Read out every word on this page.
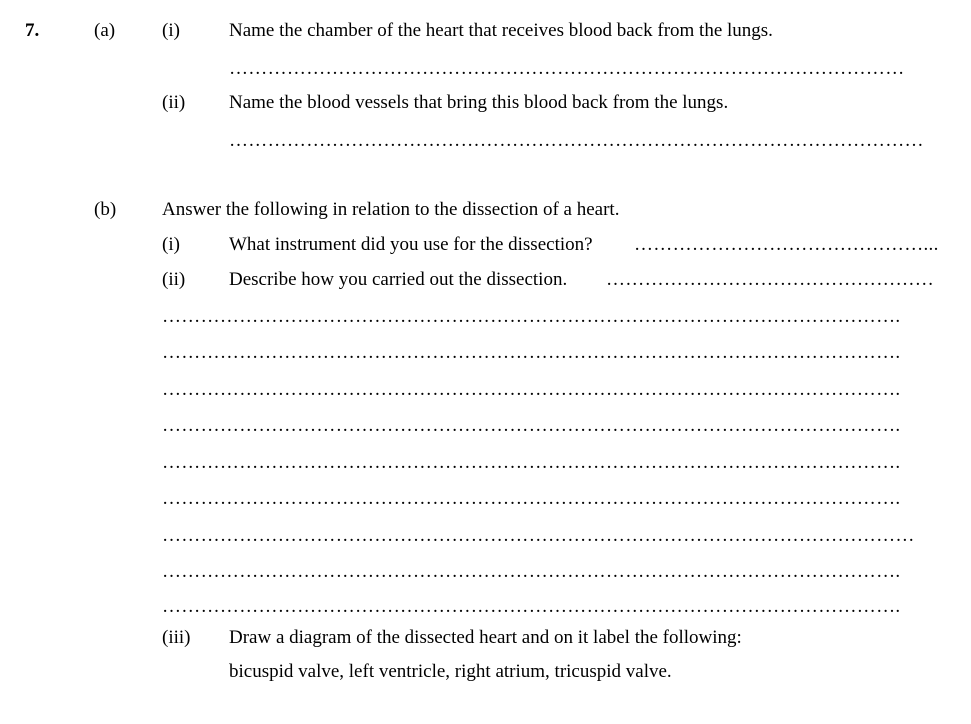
7.	(a) (i)	Name the chamber of the heart that receives blood back from the lungs.
……………………………………………………………………………………………
(ii) Name the blood vessels that bring this blood back from the lungs.
………………………………………………………………………………………………
(b) Answer the following in relation to the dissection of a heart.
(i)	What instrument did you use for the dissection? ………………………………………...
(ii) Describe how you carried out the dissection. ……………………………………………
…………………………………………………………………………………………………….
…………………………………………………………………………………………………….
…………………………………………………………………………………………………….
…………………………………………………………………………………………………….
…………………………………………………………………………………………………….
…………………………………………………………………………………………………….
………………………………………………………………………………………………………
…………………………………………………………………………………………………….
…………………………………………………………………………………………………….
(iii) Draw a diagram of the dissected heart and on it label the following:
bicuspid valve, left ventricle, right atrium, tricuspid valve.
